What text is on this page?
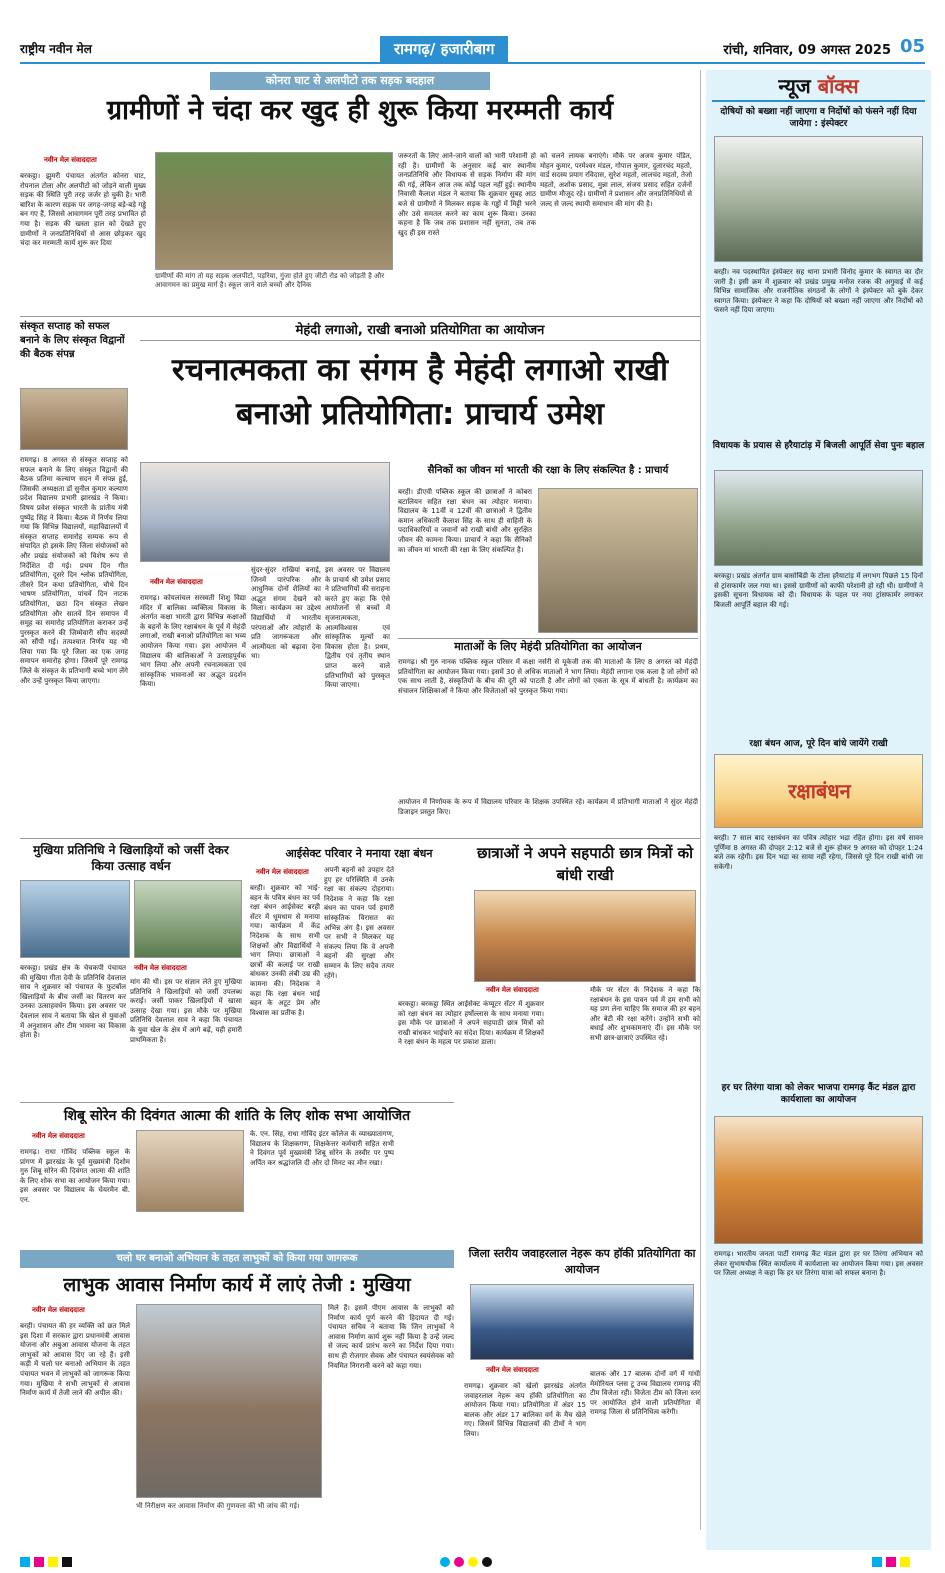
राष्ट्रीय नवीन मेल	रामगढ़/ हजारीबाग	रांची, शनिवार, 09 अगस्त 2025 05
कोनरा घाट से अलपीटो तक सड़क बदहाल
ग्रामीणों ने चंदा कर खुद ही शुरू किया मरम्मती कार्य
नवीन मेल संवाददाता
बरकट्ठा। झुमरी पंचायत अंतर्गत कोनरा घाट, रोपनाल टोला और अलपीटो को जोड़ने वाली मुख्य सड़क की स्थिति पूरी तरह जर्जर हो चुकी है। भारी बारिश के कारण सड़क पर जगह-जगह बड़े-बड़े गड्ढे बन गए हैं, जिससे आवागमन पूरी तरह प्रभावित हो गया है। सड़क की खस्ता हाल को देखते हुए ग्रामीणों ने जनप्रतिनिधियों से आस छोड़कर खुद चंदा कर मरम्मती कार्य शुरू कर दिया
ग्रामीणों की मांग तो यह सड़क अलपीटो, पड़रिया, गुंजा होते हुए जीटी रोड को जोड़ती है और आवागमन का प्रमुख मार्ग है। स्कूल जाने वाले बच्चों और दैनिक
जरूरतों के लिए आने-जाने वालों को भारी परेशानी हो रही है। ग्रामीणों के अनुसार कई बार स्थानीय जनप्रतिनिधि और विधायक से सड़क निर्माण की मांग की गई, लेकिन आज तक कोई पहल नहीं हुई। स्थानीय निवासी कैलाश मंडल ने बताया कि शुक्रवार सुबह आठ बजे से ग्रामीणों ने मिलकर सड़क के गड्ढों में मिट्टी भरने और उसे समतल करने का काम शुरू किया। उनका कहना है कि जब तक प्रशासन नहीं सुनता, तब तक खुद ही इस रास्ते
को चलने लायक बनाएंगे। मौके पर अजय कुमार पंडित, मोहन कुमार, परमेश्वर मंडल, गोपाल कुमार, दुलारचंद महतो, वार्ड सदस्य प्रयाग रविदास, सुरेश महतो, लालचंद महतो, तेजो महतो, अशोक प्रसाद, मुन्ना लाल, संजय प्रसाद सहित दर्जनों ग्रामीण मौजूद रहे। ग्रामीणों ने प्रशासन और जनप्रतिनिधियों से जल्द से जल्द स्थायी समाधान की मांग की है।
संस्कृत सप्ताह को सफल बनाने के लिए संस्कृत विद्वानों की बैठक संपन्न
रामगढ़। 8 अगस्त से संस्कृत सप्ताह को सफल बनाने के लिए संस्कृत विद्वानों की बैठक प्रतिमा कल्याण सदन में संपन्न हुई, जिसकी अध्यक्षता डॉ सुनील कुमार कल्याण प्रदेश विद्यालय प्रभारी झारखंड ने किया। विषय प्रवेश संस्कृत भारती के प्रांतीय मंत्री पुष्पेंद्र सिंह ने किया। बैठक में निर्णय लिया गया कि विभिन्न विद्यालयों, महाविद्यालयों में संस्कृत सप्ताह समारोह सम्यक रूप से संपादित हो इसके लिए जिला संयोजकों को और प्रखंड संयोजकों को विशेष रूप से निर्देशित दी गई। प्रथम दिन गीत प्रतियोगिता, दूसरे दिन श्लोक प्रतियोगिता, तीसरे दिन कथा प्रतियोगिता, चौथे दिन भाषण प्रतियोगिता, पांचवें दिन नाटक प्रतियोगिता, छठा दिन संस्कृत लेखन प्रतियोगिता और सातवें दिन समापन में समूह का समारोह प्रतियोगिता कराकर उन्हें पुरस्कृत करने की जिम्मेवारी सौंप सदस्यों को सौंपी गई। तत्पश्चात निर्णय यह भी लिया गया कि पूरे जिला का एक जगह समापन समारोह होगा। जिसमें पूरे रामगढ़ जिले के संस्कृत के प्रतिभागी बच्चे भाग लेंगे और उन्हें पुरस्कृत किया जाएगा।
मेहंदी लगाओ, राखी बनाओ प्रतियोगिता का आयोजन
रचनात्मकता का संगम है मेहंदी लगाओ राखी बनाओ प्रतियोगिता: प्राचार्य उमेश
नवीन मेल संवाददाता
रामगढ़। कोयलांचल सरस्वती शिशु विद्या मंदिर में बालिका व्यक्तित्व विकास के अंतर्गत कक्षा भारती द्वारा विभिन्न कक्षाओं के बहनों के लिए रक्षाबंधन के पूर्व में मेहंदी लगाओ, राखी बनाओ प्रतियोगिता का भव्य आयोजन किया गया। इस आयोजन में विद्यालय की बालिकाओं ने उत्साहपूर्वक भाग लिया और अपनी रचनात्मकता एवं सांस्कृतिक भावनाओं का अद्भुत प्रदर्शन किया।
सुंदर-सुंदर राखियां बनाई, जिनमें पारंपरिक और आधुनिक दोनों शैलियों का अद्भुत संगम देखने को मिला। कार्यक्रम का उद्देश्य विद्यार्थियों में भारतीय परंपराओं और त्योहारों के प्रति जागरूकता और आत्मीयता को बढ़ावा देना था।
इस अवसर पर विद्यालय के प्राचार्य श्री उमेश प्रसाद ने प्रतिभागियों की सराहना करते हुए कहा कि ऐसे आयोजनों से बच्चों में सृजनात्मकता, आत्मविश्वास एवं सांस्कृतिक मूल्यों का विकास होता है। प्रथम, द्वितीय एवं तृतीय स्थान प्राप्त करने वाले प्रतिभागियों को पुरस्कृत किया जाएगा।
सैनिकों का जीवन मां भारती की रक्षा के लिए संकल्पित है : प्राचार्य
बरही। डीएवी पब्लिक स्कूल की छात्राओं ने कोबरा बटालियन सहित रक्षा बंधन का त्योहार मनाया। विद्यालय के 11वीं व 12वीं की छात्राओं ने द्वितीय कमान अधिकारी कैलाश सिंह के साथ ही वाहिनी के पदाधिकारियों व जवानों को राखी बांधी और सुरक्षित जीवन की कामना किया। प्राचार्य ने कहा कि सैनिकों का जीवन मां भारती की रक्षा के लिए संकल्पित है।
माताओं के लिए मेहंदी प्रतियोगिता का आयोजन
रामगढ़। श्री गुरु नानक पब्लिक स्कूल परिसर में कक्षा नर्सरी से यूकेजी तक की माताओं के लिए 8 अगस्त को मेहंदी प्रतियोगिता का आयोजन किया गया। इसमें 30 से अधिक माताओं ने भाग लिया। मेहंदी लगाना एक कला है जो लोगों को एक साथ लाती है, संस्कृतियों के बीच की दूरी को पाटती है और लोगों को एकता के सूत्र में बांधती है। कार्यक्रम का संचालन शिक्षिकाओं ने किया और विजेताओं को पुरस्कृत किया गया।
आयोजन में निर्णायक के रूप में विद्यालय परिवार के शिक्षक उपस्थित रहे। कार्यक्रम में प्रतिभागी माताओं ने सुंदर मेहंदी डिजाइन प्रस्तुत किए।
मुखिया प्रतिनिधि ने खिलाड़ियों को जर्सी देकर किया उत्साह वर्धन
बरकट्ठा। प्रखंड क्षेत्र के चेचकपी पंचायत की मुखिया गीता देवी के प्रतिनिधि देवलाल साव ने शुक्रवार को पंचायत के फुटबॉल खिलाड़ियों के बीच जर्सी का वितरण कर उनका उत्साहवर्धन किया। इस अवसर पर देवलाल साव ने बताया कि खेल से युवाओं में अनुशासन और टीम भावना का विकास होता है।
नवीन मेल संवाददाता
मांग की थी। इस पर संज्ञान लेते हुए मुखिया प्रतिनिधि ने खिलाड़ियों को जर्सी उपलब्ध कराई। जर्सी पाकर खिलाड़ियों में खासा उत्साह देखा गया। इस मौके पर मुखिया प्रतिनिधि देवलाल साव ने कहा कि पंचायत के युवा खेल के क्षेत्र में आगे बढ़ें, यही हमारी प्राथमिकता है।
आईसेक्ट परिवार ने मनाया रक्षा बंधन
नवीन मेल संवाददाता
बरही। शुक्रवार को भाई-बहन के पवित्र बंधन का पर्व रक्षा बंधन आईसेक्ट बरही सेंटर में धूमधाम से मनाया गया। कार्यक्रम में केंद्र निदेशक के साथ सभी शिक्षकों और विद्यार्थियों ने भाग लिया। छात्राओं ने छात्रों की कलाई पर राखी बांधकर उनकी लंबी उम्र की कामना की। निदेशक ने कहा कि रक्षा बंधन भाई बहन के अटूट प्रेम और विश्वास का प्रतीक है।
अपनी बहनों को उपहार देते हुए हर परिस्थिति में उनके रक्षा का संकल्प दोहराया। निदेशक ने कहा कि रक्षा बंधन का पावन पर्व हमारी सांस्कृतिक विरासत का अभिन्न अंग है। इस अवसर पर सभी ने मिलकर यह संकल्प लिया कि वे अपनी बहनों की सुरक्षा और सम्मान के लिए सदैव तत्पर रहेंगे।
छात्राओं ने अपने सहपाठी छात्र मित्रों को बांधी राखी
नवीन मेल संवाददाता
बरकट्ठा। बरकट्ठा स्थित आईसेक्ट कंप्यूटर सेंटर में शुक्रवार को रक्षा बंधन का त्योहार हर्षोल्लास के साथ मनाया गया। इस मौके पर छात्राओं ने अपने सहपाठी छात्र मित्रों को राखी बांधकर भाईचारे का संदेश दिया। कार्यक्रम में शिक्षकों ने रक्षा बंधन के महत्व पर प्रकाश डाला।
मौके पर सेंटर के निदेशक ने कहा कि रक्षाबंधन के इस पावन पर्व में हम सभी को यह प्रण लेना चाहिए कि समाज की हर बहन और बेटी की रक्षा करेंगे। उन्होंने सभी को बधाई और शुभकामनाएं दीं। इस मौके पर सभी छात्र-छात्राएं उपस्थित रहे।
शिबू सोरेन की दिवंगत आत्मा की शांति के लिए शोक सभा आयोजित
नवीन मेल संवाददाता
रामगढ़। राधा गोविंद पब्लिक स्कूल के प्रांगण में झारखंड के पूर्व मुख्यमंत्री दिशोम गुरु शिबू सोरेन की दिवंगत आत्मा की शांति के लिए शोक सभा का आयोजन किया गया। इस अवसर पर विद्यालय के चेयरमैन बी. एन.
के. एन. सिंह, राधा गोविंद इंटर कॉलेज के व्याख्यातागण, विद्यालय के शिक्षकगण, शिक्षकेत्तर कर्मचारी सहित सभी ने दिवंगत पूर्व मुख्यमंत्री शिबू सोरेन के तस्वीर पर पुष्प अर्पित कर श्रद्धांजलि दी और दो मिनट का मौन रखा।
चलो घर बनाओ अभियान के तहत लाभुकों को किया गया जागरूक
लाभुक आवास निर्माण कार्य में लाएं तेजी : मुखिया
नवीन मेल संवाददाता
बरही। पंचायत की हर व्यक्ति को छत मिले इस दिशा में सरकार द्वारा प्रधानमंत्री आवास योजना और अबुआ आवास योजना के तहत लाभुकों को आवास दिए जा रहे हैं। इसी कड़ी में चलो घर बनाओ अभियान के तहत पंचायत भवन में लाभुकों को जागरूक किया गया। मुखिया ने सभी लाभुकों से आवास निर्माण कार्य में तेजी लाने की अपील की।
भी निरीक्षण कर आवास निर्माण की गुणवत्ता की भी जांच की गई।
मिले हैं। इसमें पीएम आवास के लाभुकों को निर्माण कार्य पूर्ण करने की हिदायत दी गई। पंचायत सचिव ने बताया कि जिन लाभुकों ने आवास निर्माण कार्य शुरू नहीं किया है उन्हें जल्द से जल्द कार्य प्रारंभ करने का निर्देश दिया गया। साथ ही रोजगार सेवक और पंचायत स्वयंसेवक को नियमित निगरानी करने को कहा गया।
जिला स्तरीय जवाहरलाल नेहरू कप हॉकी प्रतियोगिता का आयोजन
नवीन मेल संवाददाता
रामगढ़। शुक्रवार को खेलो झारखंड अंतर्गत जवाहरलाल नेहरू कप हॉकी प्रतियोगिता का आयोजन किया गया। प्रतियोगिता में अंडर 15 बालक और अंडर 17 बालिका वर्ग के मैच खेले गए। जिसमें विभिन्न विद्यालयों की टीमों ने भाग लिया।
बालक और 17 बालक दोनों वर्ग में गांधी मेमोरियल प्लस टू उच्च विद्यालय रामगढ़ की टीम विजेता रही। विजेता टीम को जिला स्तर पर आयोजित होने वाली प्रतियोगिता में रामगढ़ जिला से प्रतिनिधित्व करेगी।
न्यूज बॉक्स
दोषियों को बख्शा नहीं जाएगा व निर्दोषों को फंसने नहीं दिया जायेगा : इंस्पेक्टर
बरही। नव पदस्थापित इंस्पेक्टर सह थाना प्रभारी विनोद कुमार के स्वागत का दौर जारी है। इसी क्रम में शुक्रवार को प्रखंड प्रमुख मनोज रजक की अगुवाई में कई विभिन्न सामाजिक और राजनीतिक संगठनों के लोगों ने इंस्पेक्टर को बुके देकर स्वागत किया। इंस्पेक्टर ने कहा कि दोषियों को बख्शा नहीं जाएगा और निर्दोषों को फंसने नहीं दिया जाएगा।
विधायक के प्रयास से हरैयाटांड़ में बिजली आपूर्ति सेवा पुनः बहाल
बरकट्ठा। प्रखंड अंतर्गत ग्राम बासोबिंडी के टोला हरैयाटांड़ में लगभग पिछले 15 दिनों से ट्रांसफार्मर जल गया था। इससे ग्रामीणों को काफी परेशानी हो रही थी। ग्रामीणों ने इसकी सूचना विधायक को दी। विधायक के पहल पर नया ट्रांसफार्मर लगाकर बिजली आपूर्ति बहाल की गई।
रक्षा बंधन आज, पूरे दिन बांधे जायेंगे राखी
रक्षाबंधन
बरही। 7 साल बाद रक्षाबंधन का पवित्र त्योहार भद्रा रहित होगा। इस वर्ष सावन पूर्णिमा 8 अगस्त की दोपहर 2:12 बजे से शुरू होकर 9 अगस्त को दोपहर 1:24 बजे तक रहेगी। इस दिन भद्रा का साया नहीं रहेगा, जिससे पूरे दिन राखी बांधी जा सकेगी।
हर घर तिरंगा यात्रा को लेकर भाजपा रामगढ़ कैंट मंडल द्वारा कार्यशाला का आयोजन
रामगढ़। भारतीय जनता पार्टी रामगढ़ कैंट मंडल द्वारा हर घर तिरंगा अभियान को लेकर सुभाषचौक स्थित कार्यालय में कार्यशाला का आयोजन किया गया। इस अवसर पर जिला अध्यक्ष ने कहा कि हर घर तिरंगा यात्रा को सफल बनाना है।
